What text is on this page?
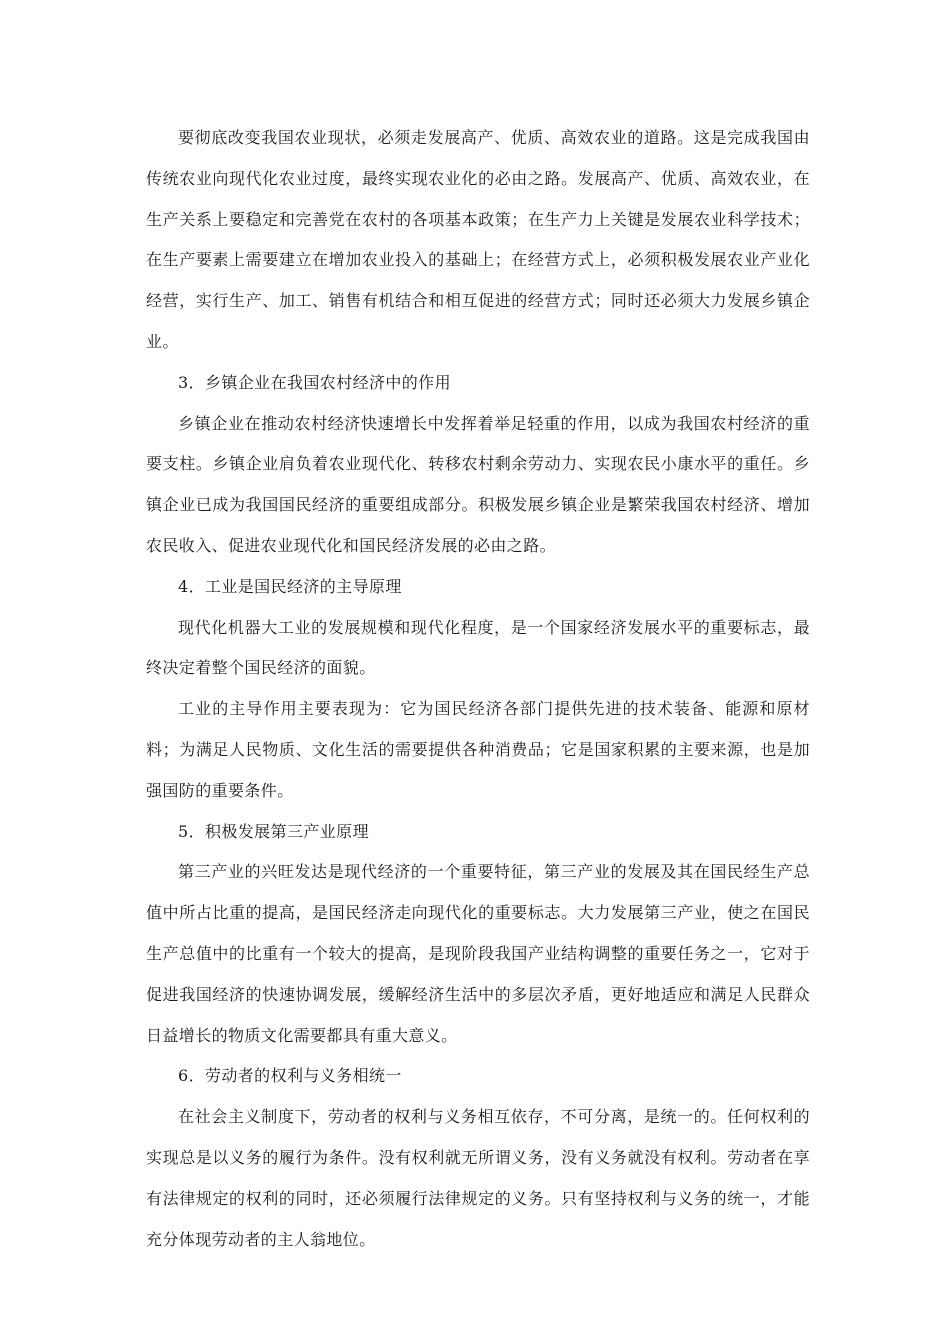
要彻底改变我国农业现状，必须走发展高产、优质、高效农业的道路。这是完成我国由传统农业向现代化农业过度，最终实现农业化的必由之路。发展高产、优质、高效农业，在生产关系上要稳定和完善党在农村的各项基本政策；在生产力上关键是发展农业科学技术；在生产要素上需要建立在增加农业投入的基础上；在经营方式上，必须积极发展农业产业化经营，实行生产、加工、销售有机结合和相互促进的经营方式；同时还必须大力发展乡镇企业。

3．乡镇企业在我国农村经济中的作用

乡镇企业在推动农村经济快速增长中发挥着举足轻重的作用，以成为我国农村经济的重要支柱。乡镇企业肩负着农业现代化、转移农村剩余劳动力、实现农民小康水平的重任。乡镇企业已成为我国国民经济的重要组成部分。积极发展乡镇企业是繁荣我国农村经济、增加农民收入、促进农业现代化和国民经济发展的必由之路。

4．工业是国民经济的主导原理

现代化机器大工业的发展规模和现代化程度，是一个国家经济发展水平的重要标志，最终决定着整个国民经济的面貌。

工业的主导作用主要表现为：它为国民经济各部门提供先进的技术装备、能源和原材料；为满足人民物质、文化生活的需要提供各种消费品；它是国家积累的主要来源，也是加强国防的重要条件。

5．积极发展第三产业原理

第三产业的兴旺发达是现代经济的一个重要特征，第三产业的发展及其在国民经生产总值中所占比重的提高，是国民经济走向现代化的重要标志。大力发展第三产业，使之在国民生产总值中的比重有一个较大的提高，是现阶段我国产业结构调整的重要任务之一，它对于促进我国经济的快速协调发展，缓解经济生活中的多层次矛盾，更好地适应和满足人民群众日益增长的物质文化需要都具有重大意义。

6．劳动者的权利与义务相统一

在社会主义制度下，劳动者的权利与义务相互依存，不可分离，是统一的。任何权利的实现总是以义务的履行为条件。没有权利就无所谓义务，没有义务就没有权利。劳动者在享有法律规定的权利的同时，还必须履行法律规定的义务。只有坚持权利与义务的统一，才能充分体现劳动者的主人翁地位。
